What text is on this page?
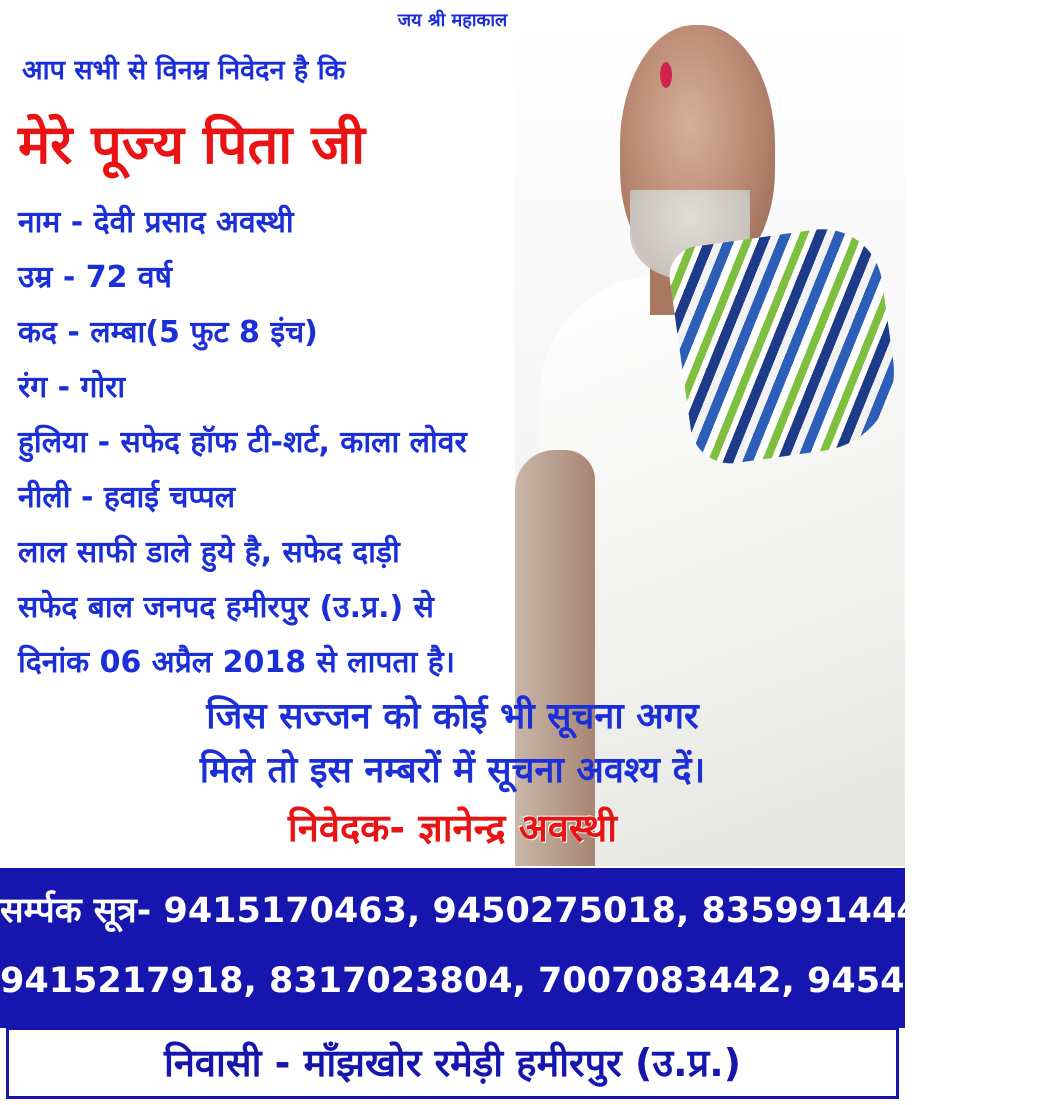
जय श्री महाकाल
आप सभी से विनम्र निवेदन है कि
मेरे पूज्य पिता जी
नाम - देवी प्रसाद अवस्थी
उम्र - 72 वर्ष
कद - लम्बा(5 फुट 8 इंच)
रंग - गोरा
हुलिया - सफेद हॉफ टी-शर्ट, काला लोवर
नीली - हवाई चप्पल
लाल साफी डाले हुये है, सफेद दाड़ी
सफेद बाल जनपद हमीरपुर (उ.प्र.) से
दिनांक 06 अप्रैल 2018 से लापता है।
जिस सज्जन को कोई भी सूचना अगर
मिले तो इस नम्बरों में सूचना अवश्य दें।
निवेदक- ज्ञानेन्द्र अवस्थी
सर्म्पक सूत्र- 9415170463, 9450275018, 8359914448
9415217918, 8317023804, 7007083442, 9454403535
निवासी - माँझखोर रमेड़ी हमीरपुर (उ.प्र.)
